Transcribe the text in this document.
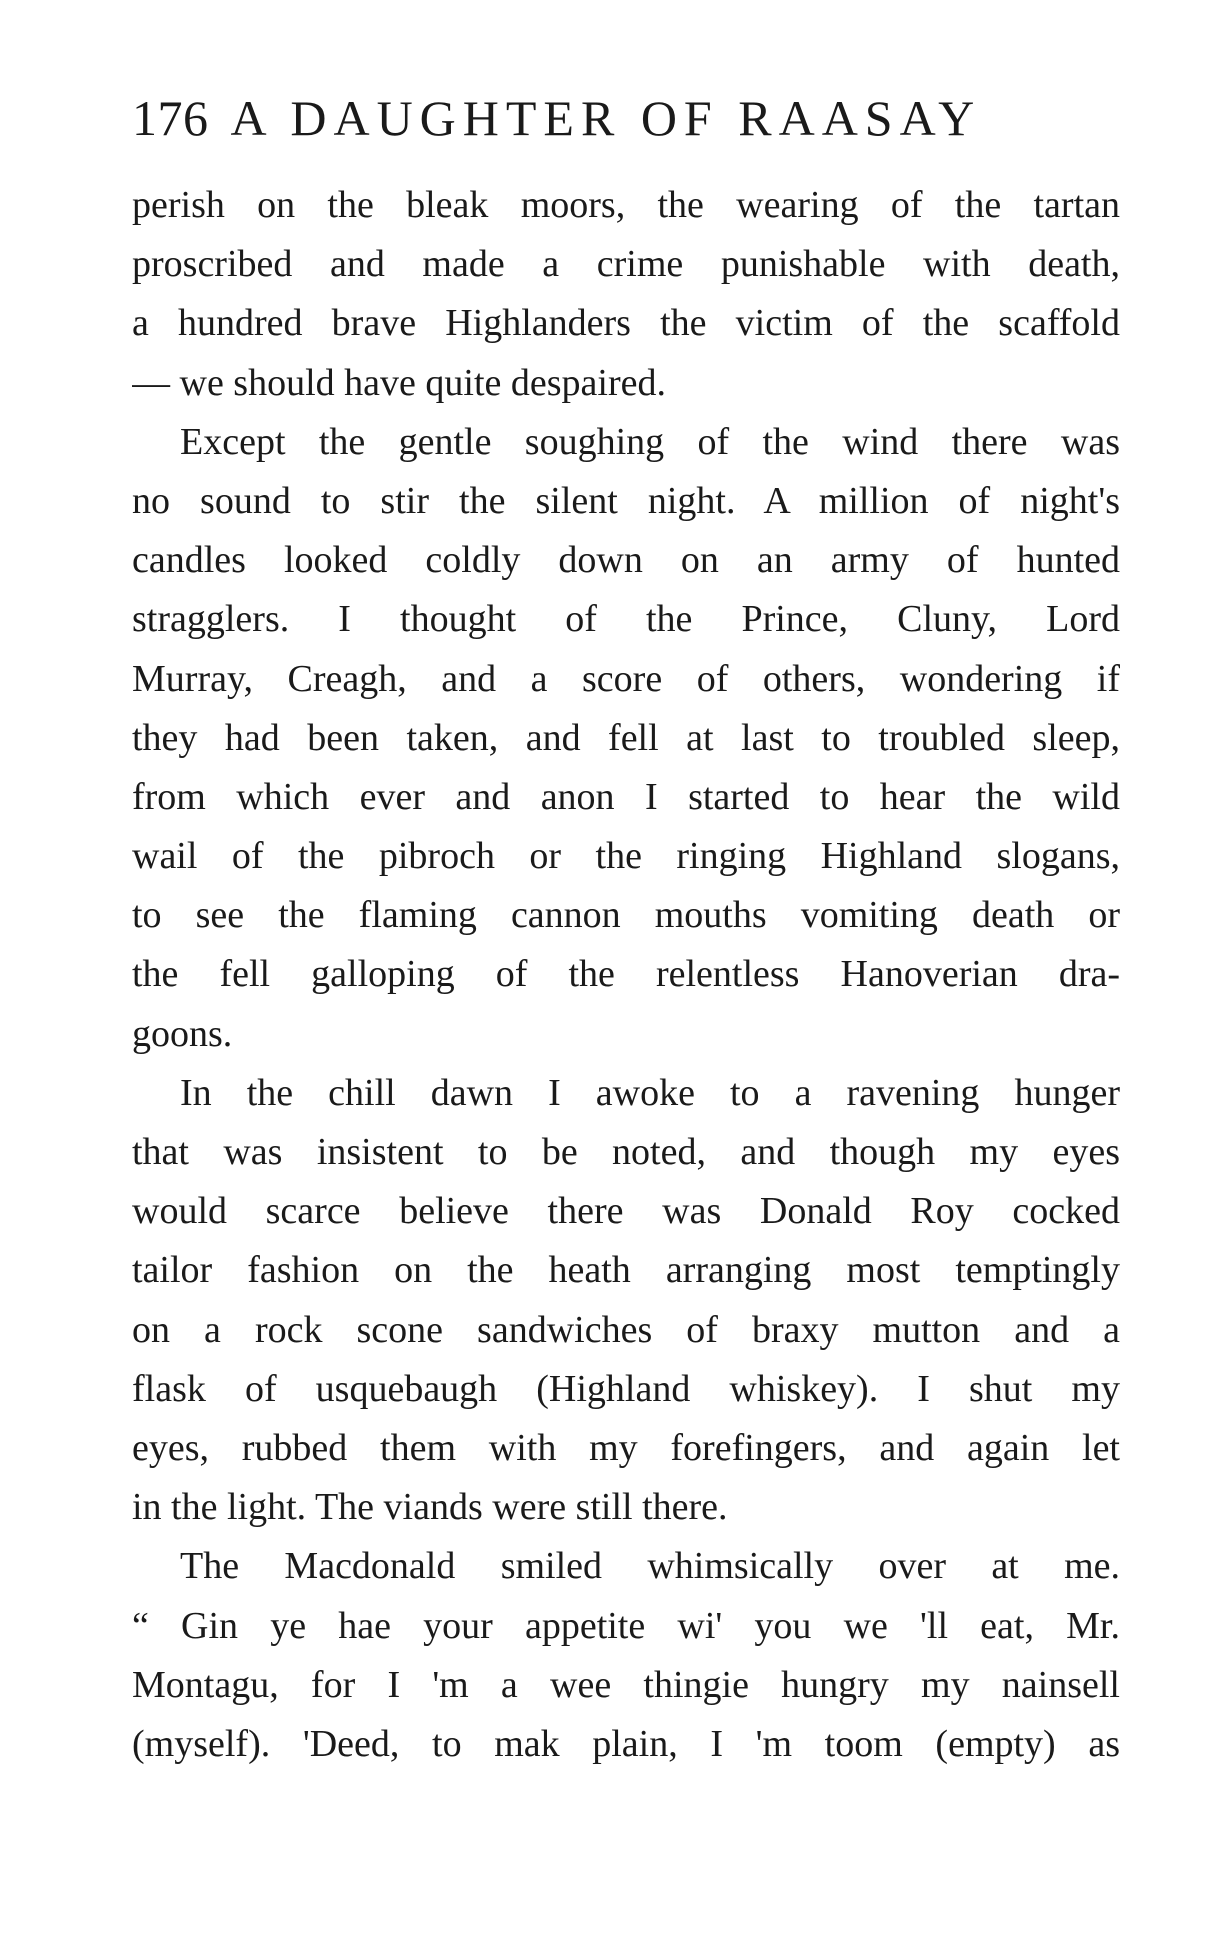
176 A DAUGHTER OF RAASAY
perish on the bleak moors, the wearing of the tartan
proscribed and made a crime punishable with death,
a hundred brave Highlanders the victim of the scaffold
— we should have quite despaired.
Except the gentle soughing of the wind there was
no sound to stir the silent night. A million of night's
candles looked coldly down on an army of hunted
stragglers. I thought of the Prince, Cluny, Lord
Murray, Creagh, and a score of others, wondering if
they had been taken, and fell at last to troubled sleep,
from which ever and anon I started to hear the wild
wail of the pibroch or the ringing Highland slogans,
to see the flaming cannon mouths vomiting death or
the fell galloping of the relentless Hanoverian dra-
goons.
In the chill dawn I awoke to a ravening hunger
that was insistent to be noted, and though my eyes
would scarce believe there was Donald Roy cocked
tailor fashion on the heath arranging most temptingly
on a rock scone sandwiches of braxy mutton and a
flask of usquebaugh (Highland whiskey). I shut my
eyes, rubbed them with my forefingers, and again let
in the light. The viands were still there.
The Macdonald smiled whimsically over at me.
“ Gin ye hae your appetite wi' you we 'll eat, Mr.
Montagu, for I 'm a wee thingie hungry my nainsell
(myself). 'Deed, to mak plain, I 'm toom (empty) as
